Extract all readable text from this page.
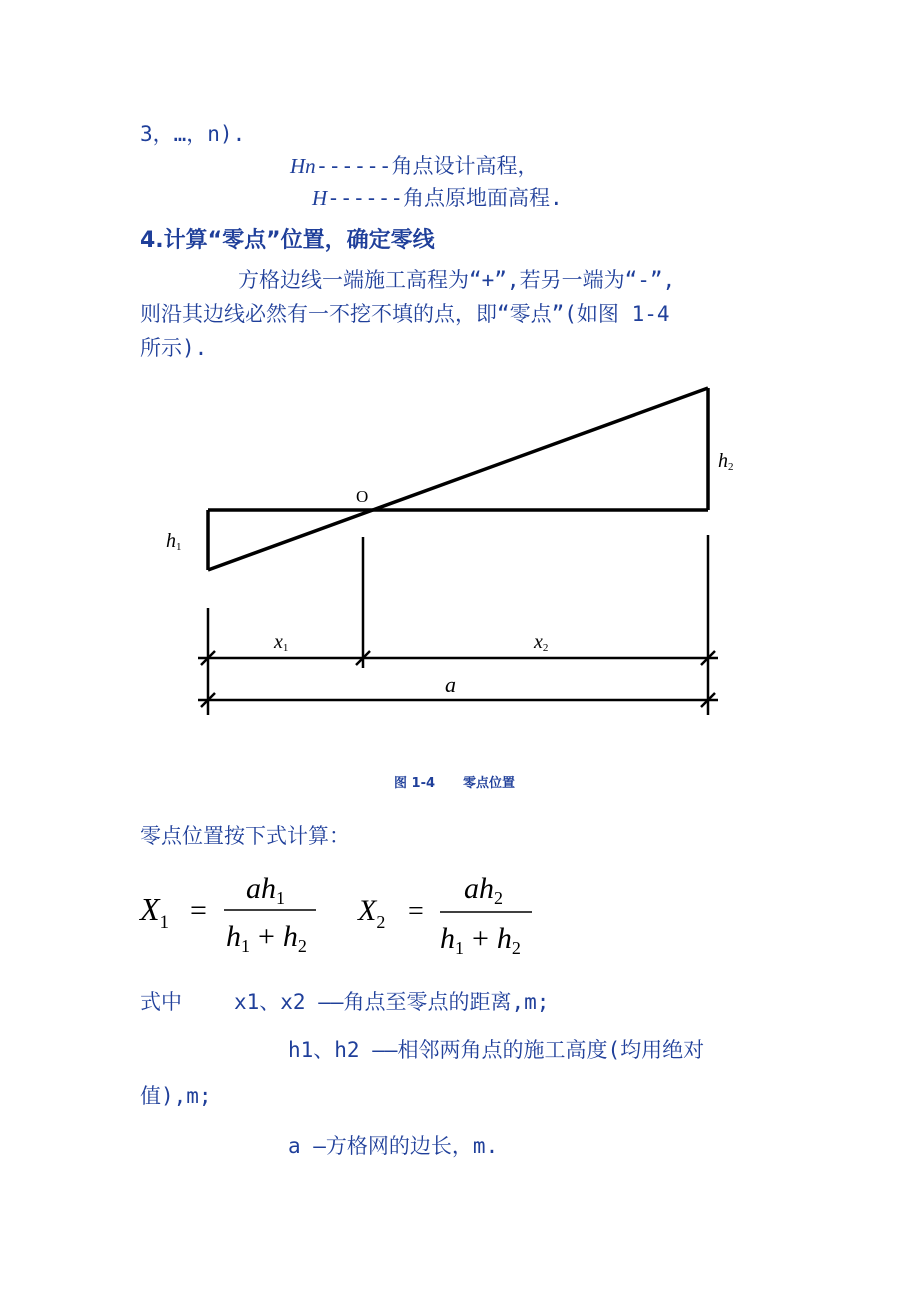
3，…，n).
Hn------角点设计高程，
H------角点原地面高程.
4.计算“零点”位置，确定零线
方格边线一端施工高程为“+”,若另一端为“-”,
则沿其边线必然有一不挖不填的点，即“零点”(如图 1-4
所示).
O
h1
h2
x1	x2
a
图 1-4 零点位置
零点位置按下式计算：
$X_1$ =
$ah_1$
$h_1 + h_2$
$X_2$ =
$ah_2$
$h_1 + h_2$
式中 x1、x2 ——角点至零点的距离,m;
h1、h2 ——相邻两角点的施工高度(均用绝对
值),m;
a —方格网的边长，m.
